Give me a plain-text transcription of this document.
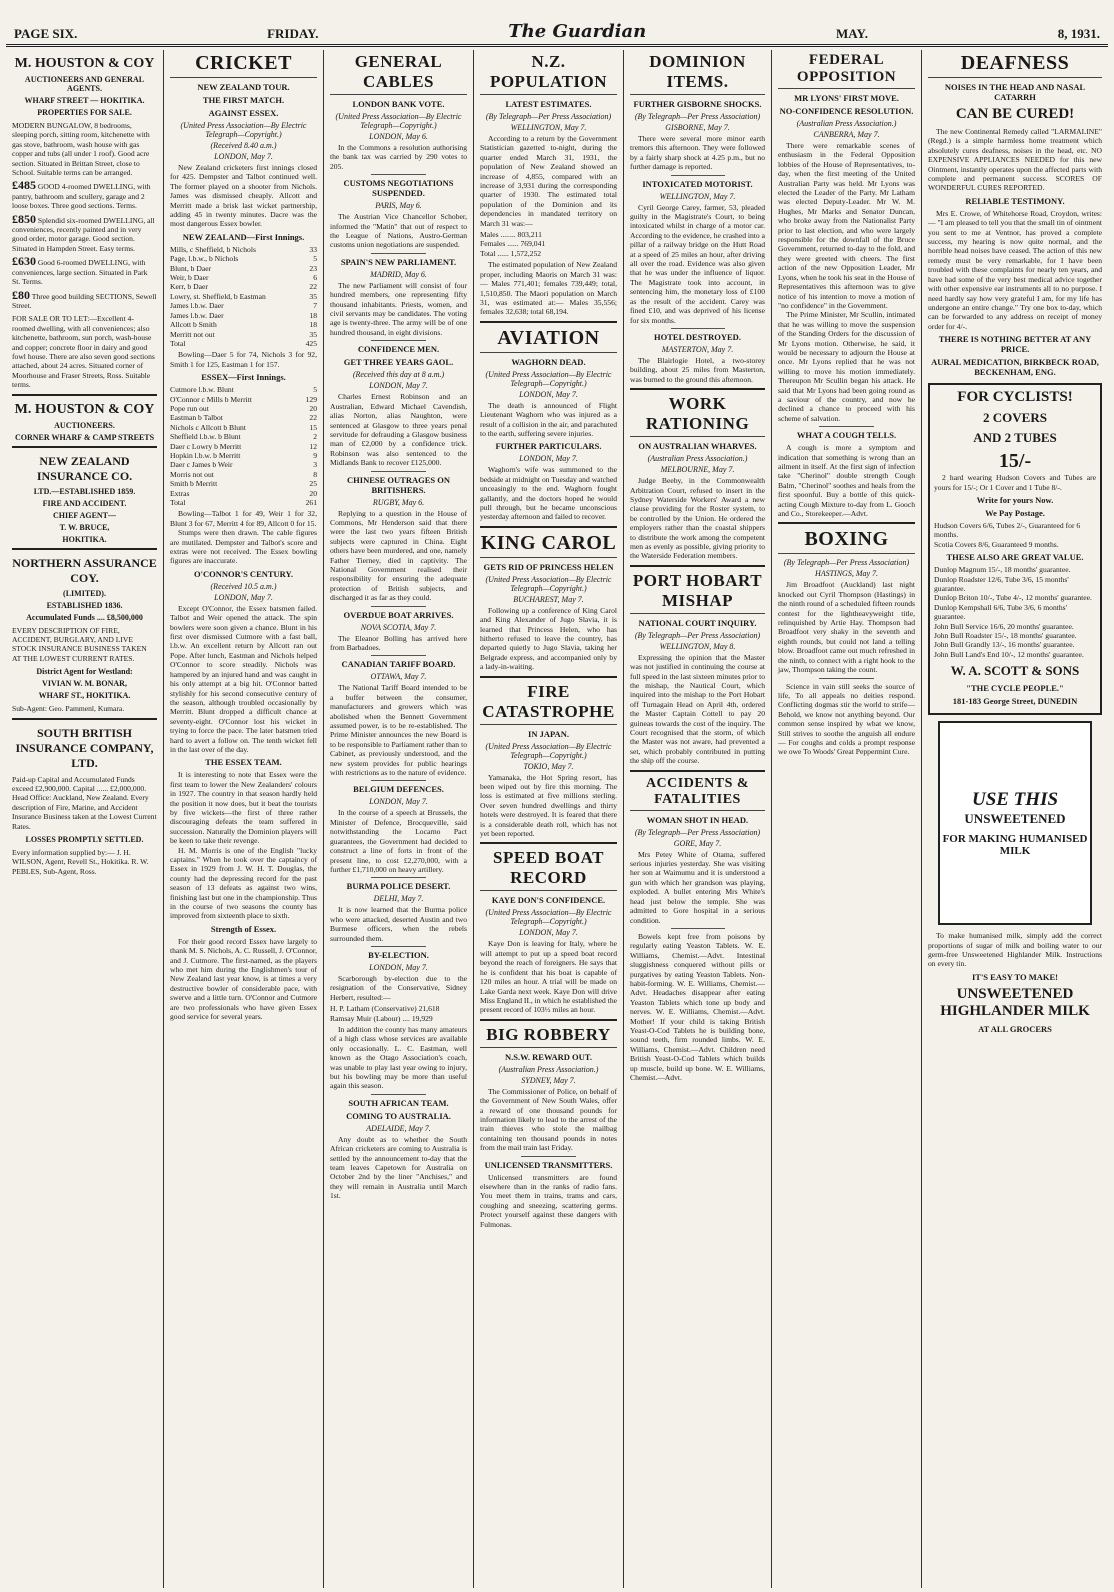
PAGE SIX.	FRIDAY.	The Guardian	MAY.	8, 1931.
M. HOUSTON & COY
AUCTIONEERS AND GENERAL AGENTS.
WHARF STREET — HOKITIKA.
PROPERTIES FOR SALE.
MODERN BUNGALOW, 8 bedrooms, sleeping porch, sitting room, kitchenette with gas stove, bathroom, wash house with gas copper and tubs (all under 1 roof). Good acre section. Situated in Brittan Street, close to School. Suitable terms can be arranged.
£485 GOOD 4-roomed DWELLING, with pantry, bathroom and scullery, garage and 2 loose boxes. Three good sections. Terms.
£850 Splendid six-roomed DWELLING, all conveniences, recently painted and in very good order, motor garage. Good section. Situated in Hampden Street. Easy terms.
£630 Good 6-roomed DWELLING, with conveniences, large section. Situated in Park St. Terms.
£80 Three good building SECTIONS, Sewell Street.
FOR SALE OR TO LET:—Excellent 4-roomed dwelling, with all conveniences; also kitchenette, bathroom, sun porch, wash-house and copper; concrete floor in dairy and good fowl house. There are also seven good sections attached, about 24 acres. Situated corner of Moorhouse and Fraser Streets, Ross. Suitable terms.
M. HOUSTON & COY
AUCTIONEERS.
CORNER WHARF & CAMP STREETS
NEW ZEALAND INSURANCE CO.
LTD.—ESTABLISHED 1859.
FIRE AND ACCIDENT.
CHIEF AGENT—
T. W. BRUCE,
HOKITIKA.
NORTHERN ASSURANCE COY.
(LIMITED).
ESTABLISHED 1836.
Accumulated Funds .... £8,500,000
EVERY DESCRIPTION OF FIRE, ACCIDENT, BURGLARY, AND LIVE STOCK INSURANCE BUSINESS TAKEN AT THE LOWEST CURRENT RATES.
District Agent for Westland:
VIVIAN W. M. BONAR,
WHARF ST., HOKITIKA.
Sub-Agent: Geo. Pammenl, Kumara.
SOUTH BRITISH INSURANCE COMPANY, LTD.
Paid-up Capital and Accumulated Funds exceed £2,900,000. Capital ...... £2,000,000. Head Office: Auckland, New Zealand. Every description of Fire, Marine, and Accident Insurance Business taken at the Lowest Current Rates.
LOSSES PROMPTLY SETTLED.
Every information supplied by:— J. H. WILSON, Agent, Revell St., Hokitika. R. W. PEBLES, Sub-Agent, Ross.
CRICKET
NEW ZEALAND TOUR.
THE FIRST MATCH.
AGAINST ESSEX.
(United Press Association—By Electric Telegraph—Copyright.)
(Received 8.40 a.m.)
LONDON, May 7.

New Zealand cricketers first innings closed for 425. Dempster and Talbot continued well. The former played on a shooter from Nichols. James was dismissed cheaply. Allcott and Merritt made a brisk last wicket partnership, adding 45 in twenty minutes. Dacre was the most dangerous Essex bowler.

NEW ZEALAND—First Innings.
Mills, c Sheffield, b Nichols	33
Page, l.b.w., b Nichols	5
Blunt, b Daer	23
Weir, b Daer	6
Kerr, b Daer	22
Lowry, st. Sheffield, b Eastman	35
James l.b.w. Daer	7
James l.b.w. Daer	18
Allcott b Smith	18
Merritt not out	35
Total	425

Bowling—Daer 5 for 74, Nichols 3 for 92, Smith 1 for 125, Eastman 1 for 157.

ESSEX—First Innings.
Cutmore l.b.w. Blunt	5
O'Connor c Mills b Merritt	129
Pope run out	20
Eastman b Talbot	22
Nichols c Allcott b Blunt	15
Sheffield l.b.w. b Blunt	2
Daer c Lowry b Merritt	12
Hopkin l.b.w. b Merritt	9
Daer c James b Weir	3
Morris not out	8
Smith b Merritt	25
Extras	20
Total	261

Bowling—Talbot 1 for 49, Weir 1 for 32, Blunt 3 for 67, Merritt 4 for 89, Allcott 0 for 15.

Stumps were then drawn. The cable figures are mutilated. Dempster and Talbot's score and extras were not received. The Essex bowling figures are inaccurate.

O'CONNOR'S CENTURY.
(Received 10.5 a.m.)
LONDON, May 7.

Except O'Connor, the Essex batsmen failed. Talbot and Weir opened the attack. The spin bowlers were soon given a chance. Blunt in his first over dismissed Cutmore with a fast ball, l.b.w. An excellent return by Allcott ran out Pope. After lunch, Eastman and Nichols helped O'Connor to score steadily. Nichols was hampered by an injured hand and was caught in his only attempt at a big hit. O'Connor batted stylishly for his second consecutive century of the season, although troubled occasionally by Merritt. Blunt dropped a difficult chance at seventy-eight. O'Connor lost his wicket in trying to force the pace. The later batsmen tried hard to avert a follow on. The tenth wicket fell in the last over of the day.

THE ESSEX TEAM.

It is interesting to note that Essex were the first team to lower the New Zealanders' colours in 1927. The country in that season hardly held the position it now does, but it beat the tourists by five wickets—the first of three rather discouraging defeats the team suffered in succession. Naturally the Dominion players will be keen to take their revenge.

H. M. Morris is one of the English "lucky captains." When he took over the captaincy of Essex in 1929 from J. W. H. T. Douglas, the county had the depressing record for the past season of 13 defeats as against two wins, finishing last but one in the championship. Thus in the course of two seasons the county has improved from sixteenth place to sixth.

Strength of Essex.

For their good record Essex have largely to thank M. S. Nichols, A. C. Russell, J. O'Connor, and J. Cutmore. The first-named, as the players who met him during the Englishmen's tour of New Zealand last year know, is at times a very destructive bowler of considerable pace, with swerve and a little turn. O'Connor and Cutmore are two professionals who have given Essex good service for several years.

GENERAL CABLES
LONDON BANK VOTE.
(United Press Association—By Electric Telegraph—Copyright.)
LONDON, May 6.

In the Commons a resolution authorising the bank tax was carried by 290 votes to 205.

CUSTOMS NEGOTIATIONS SUSPENDED.
PARIS, May 6.

The Austrian Vice Chancellor Schober, informed the "Matin" that out of respect to the League of Nations, Austro-German customs union negotiations are suspended.

SPAIN'S NEW PARLIAMENT.
MADRID, May 6.

The new Parliament will consist of four hundred members, one representing fifty thousand inhabitants. Priests, women, and civil servants may be candidates. The voting age is twenty-three. The army will be of one hundred thousand, in eight divisions.

CONFIDENCE MEN.
GET THREE YEARS GAOL.
(Received this day at 8 a.m.)
LONDON, May 7.

Charles Ernest Robinson and an Australian, Edward Michael Cavendish, alias Norton, alias Naughton, were sentenced at Glasgow to three years penal servitude for defrauding a Glasgow business man of £2,000 by a confidence trick. Robinson was also sentenced to the Midlands Bank to recover £125,000.

CHINESE OUTRAGES ON BRITISHERS.
RUGBY, May 6.

Replying to a question in the House of Commons, Mr Henderson said that there were the last two years fifteen British subjects were captured in China. Eight others have been murdered, and one, namely Father Tierney, died in captivity. The National Government realised their responsibility for ensuring the adequate protection of British subjects, and discharged it as far as they could.

OVERDUE BOAT ARRIVES.
NOVA SCOTIA, May 7.

The Eleanor Bolling has arrived here from Barbadoes.

CANADIAN TARIFF BOARD.
OTTAWA, May 7.

The National Tariff Board intended to be a buffer between the consumer, manufacturers and growers which was abolished when the Bennett Government assumed power, is to be re-established. The Prime Minister announces the new Board is to be responsible to Parliament rather than to Cabinet, as previously understood, and the new system provides for public hearings with restrictions as to the nature of evidence.

BELGIUM DEFENCES.
LONDON, May 7.

In the course of a speech at Brussels, the Minister of Defence, Brocqueville, said notwithstanding the Locarno Pact guarantees, the Government had decided to construct a line of forts in front of the present line, to cost £2,270,000, with a further £1,710,000 on heavy artillery.

BURMA POLICE DESERT.
DELHI, May 7.

It is now learned that the Burma police who were attacked, deserted Austin and two Burmese officers, when the rebels surrounded them.

BY-ELECTION.
LONDON, May 7.

Scarborough by-election due to the resignation of the Conservative, Sidney Herbert, resulted:—

H. P. Latham (Conservative) 21,618
Ramsay Muir (Labour) .... 19,929

In addition the county has many amateurs of a high class whose services are available only occasionally. L. C. Eastman, well known as the Otago Association's coach, was unable to play last year owing to injury, but his bowling may be more than useful again this season.

SOUTH AFRICAN TEAM.
COMING TO AUSTRALIA.
ADELAIDE, May 7.

Any doubt as to whether the South African cricketers are coming to Australia is settled by the announcement to-day that the team leaves Capetown for Australia on October 2nd by the liner "Anchises," and they will remain in Australia until March 1st.

N.Z. POPULATION
LATEST ESTIMATES.
(By Telegraph—Per Press Association)
WELLINGTON, May 7.

According to a return by the Government Statistician gazetted to-night, during the quarter ended March 31, 1931, the population of New Zealand showed an increase of 4,855, compared with an increase of 3,931 during the corresponding quarter of 1930. The estimated total population of the Dominion and its dependencies in mandated territory on March 31 was:—

Males ........ 803,211
Females ...... 769,041
Total ...... 1,572,252

The estimated population of New Zealand proper, including Maoris on March 31 was:— Males 771,401; females 739,449; total, 1,510,850. The Maori population on March 31, was estimated at:— Males 35,556; females 32,638; total 68,194.

AVIATION
WAGHORN DEAD.
(United Press Association—By Electric Telegraph—Copyright.)
LONDON, May 7.

The death is announced of Flight Lieutenant Waghorn who was injured as a result of a collision in the air, and parachuted to the earth, suffering severe injuries.

FURTHER PARTICULARS.
LONDON, May 7.

Waghorn's wife was summoned to the bedside at midnight on Tuesday and watched unceasingly to the end. Waghorn fought gallantly, and the doctors hoped he would pull through, but he became unconscious yesterday afternoon and failed to recover.

KING CAROL
GETS RID OF PRINCESS HELEN
(United Press Association—By Electric Telegraph—Copyright.)
BUCHAREST, May 7.

Following up a conference of King Carol and King Alexander of Jugo Slavia, it is learned that Princess Helen, who has hitherto refused to leave the country, has departed quietly to Jugo Slavia, taking her Belgrade express, and accompanied only by a lady-in-waiting.

FIRE CATASTROPHE
IN JAPAN.
(United Press Association—By Electric Telegraph—Copyright.)
TOKIO, May 7.

Yamanaka, the Hot Spring resort, has been wiped out by fire this morning. The loss is estimated at five millions sterling. Over seven hundred dwellings and thirty hotels were destroyed. It is feared that there is a considerable death roll, which has not yet been reported.

SPEED BOAT RECORD
KAYE DON'S CONFIDENCE.
(United Press Association—By Electric Telegraph—Copyright.)
LONDON, May 7.

Kaye Don is leaving for Italy, where he will attempt to put up a speed boat record beyond the reach of foreigners. He says that he is confident that his boat is capable of 120 miles an hour. A trial will be made on Lake Garda next week. Kaye Don will drive Miss England II., in which he established the present record of 103½ miles an hour.

BIG ROBBERY
N.S.W. REWARD OUT.
(Australian Press Association.)
SYDNEY, May 7.

The Commissioner of Police, on behalf of the Government of New South Wales, offer a reward of one thousand pounds for information likely to lead to the arrest of the train thieves who stole the mailbag containing ten thousand pounds in notes from the mail train last Friday.

UNLICENSED TRANSMITTERS.

Unlicensed transmitters are found elsewhere than in the ranks of radio fans. You meet them in trains, trams and cars, coughing and sneezing, scattering germs. Protect yourself against these dangers with Fulmonas.

DOMINION ITEMS.
FURTHER GISBORNE SHOCKS.
(By Telegraph—Per Press Association)
GISBORNE, May 7.

There were several more minor earth tremors this afternoon. They were followed by a fairly sharp shock at 4.25 p.m., but no further damage is reported.

INTOXICATED MOTORIST.
WELLINGTON, May 7.

Cyril George Carey, farmer, 53, pleaded guilty in the Magistrate's Court, to being intoxicated whilst in charge of a motor car. According to the evidence, he crashed into a pillar of a railway bridge on the Hutt Road at a speed of 25 miles an hour, after driving all over the road. Evidence was also given that he was under the influence of liquor. The Magistrate took into account, in sentencing him, the monetary loss of £100 as the result of the accident. Carey was fined £10, and was deprived of his license for six months.

HOTEL DESTROYED.
MASTERTON, May 7.

The Blairlogie Hotel, a two-storey building, about 25 miles from Masterton, was burned to the ground this afternoon.

WORK RATIONING
ON AUSTRALIAN WHARVES.
(Australian Press Association.)
MELBOURNE, May 7.

Judge Beeby, in the Commonwealth Arbitration Court, refused to insert in the Sydney Waterside Workers' Award a new clause providing for the Roster system, to be controlled by the Union. He ordered the employers rather than the coastal shippers to distribute the work among the competent men as evenly as possible, giving priority to the Waterside Federation members.

PORT HOBART MISHAP
NATIONAL COURT INQUIRY.
(By Telegraph—Per Press Association)
WELLINGTON, May 8.

Expressing the opinion that the Master was not justified in continuing the course at full speed in the last sixteen minutes prior to the mishap, the Nautical Court, which inquired into the mishap to the Port Hobart off Turnagain Head on April 4th, ordered the Master Captain Cottell to pay 20 guineas towards the cost of the inquiry. The Court recognised that the storm, of which the Master was not aware, had prevented a set, which probably contributed in putting the ship off the course.

ACCIDENTS & FATALITIES
WOMAN SHOT IN HEAD.
(By Telegraph—Per Press Association)
GORE, May 7.

Mrs Petey White of Otama, suffered serious injuries yesterday. She was visiting her son at Waimumu and it is understood a gun with which her grandson was playing, exploded. A bullet entering Mrs White's head just below the temple. She was admitted to Gore hospital in a serious condition.

Bowels kept free from poisons by regularly eating Yeaston Tablets. W. E. Williams, Chemist.—Advt. Intestinal sluggishness conquered without pills or purgatives by eating Yeaston Tablets. Non-habit-forming. W. E. Williams, Chemist.—Advt. Headaches disappear after eating Yeaston Tablets which tone up body and nerves. W. E. Williams, Chemist.—Advt. Mother! If your child is taking British Yeast-O-Cod Tablets he is building bone, sound teeth, firm rounded limbs. W. E. Williams, Chemist.—Advt. Children need British Yeast-O-Cod Tablets which builds up muscle, build up bone. W. E. Williams, Chemist.—Advt.

FEDERAL OPPOSITION
MR LYONS' FIRST MOVE.
NO-CONFIDENCE RESOLUTION.
(Australian Press Association.)
CANBERRA, May 7.

There were remarkable scenes of enthusiasm in the Federal Opposition lobbies of the House of Representatives, to-day, when the first meeting of the United Australian Party was held. Mr Lyons was elected the Leader of the Party. Mr Latham was elected Deputy-Leader. Mr W. M. Hughes, Mr Marks and Senator Duncan, who broke away from the Nationalist Party prior to last election, and who were largely responsible for the downfall of the Bruce Government, returned to-day to the fold, and they were greeted with cheers. The first action of the new Opposition Leader, Mr Lyons, when he took his seat in the House of Representatives this afternoon was to give notice of his intention to move a motion of "no confidence" in the Government.

The Prime Minister, Mr Scullin, intimated that he was willing to move the suspension of the Standing Orders for the discussion of Mr Lyons motion. Otherwise, he said, it would be necessary to adjourn the House at once. Mr Lyons replied that he was not willing to move his motion immediately. Thereupon Mr Scullin began his attack. He said that Mr Lyons had been going round as a saviour of the country, and now he declined a chance to proceed with his scheme of salvation.

WHAT A COUGH TELLS.

A cough is more a symptom and indication that something is wrong than an ailment in itself. At the first sign of infection take "Cherinol" double strength Cough Balm, "Cherinol" soothes and heals from the first spoonful. Buy a bottle of this quick-acting Cough Mixture to-day from L. Gooch and Co., Storekeeper.—Advt.

BOXING
(By Telegraph—Per Press Association)
HASTINGS, May 7.

Jim Broadfoot (Auckland) last night knocked out Cyril Thompson (Hastings) in the ninth round of a scheduled fifteen rounds contest for the lightheavyweight title, relinquished by Artie Hay. Thompson had Broadfoot very shaky in the seventh and eighth rounds, but could not land a telling blow. Broadfoot came out much refreshed in the ninth, to connect with a right hook to the jaw, Thompson taking the count.

Science in vain still seeks the source of life, To all appeals no deities respond. Conflicting dogmas stir the world to strife— Behold, we know not anything beyond. Our common sense inspired by what we know, Still strives to soothe the anguish all endure— For coughs and colds a prompt response we owe To Woods' Great Peppermint Cure.

DEAFNESS
NOISES IN THE HEAD AND NASAL CATARRH
CAN BE CURED!

The new Continental Remedy called "LARMALINE" (Regd.) is a simple harmless home treatment which absolutely cures deafness, noises in the head, etc. NO EXPENSIVE APPLIANCES NEEDED for this new Ointment, instantly operates upon the affected parts with complete and permanent success. SCORES OF WONDERFUL CURES REPORTED.

RELIABLE TESTIMONY.

Mrs E. Crowe, of Whitehorse Road, Croydon, writes:— "I am pleased to tell you that the small tin of ointment you sent to me at Ventnor, has proved a complete success, my hearing is now quite normal, and the horrible head noises have ceased. The action of this new remedy must be very remarkable, for I have been troubled with these complaints for nearly ten years, and have had some of the very best medical advice together with other expensive ear instruments all to no purpose. I need hardly say how very grateful I am, for my life has undergone an entire change." Try one box to-day, which can be forwarded to any address on receipt of money order for 4/-.

THERE IS NOTHING BETTER AT ANY PRICE.
AURAL MEDICATION, BIRKBECK ROAD, BECKENHAM, ENG.
FOR CYCLISTS!
2 COVERS
AND 2 TUBES
15/-

2 hard wearing Hudson Covers and Tubes are yours for 15/-; Or 1 Cover and 1 Tube 8/-.

Write for yours Now.
We Pay Postage.
Hudson Covers 6/6, Tubes 2/-, Guaranteed for 6 months.
Scotia Covers 8/6, Guaranteed 9 months.
THESE ALSO ARE GREAT VALUE.
Dunlop Magnum 15/-, 18 months' guarantee.
Dunlop Roadster 12/6, Tube 3/6, 15 months' guarantee.
Dunlop Briton 10/-, Tube 4/-, 12 months' guarantee.
Dunlop Kempshall 6/6, Tube 3/6, 6 months' guarantee.
John Bull Service 16/6, 20 months' guarantee.
John Bull Roadster 15/-, 18 months' guarantee.
John Bull Grandly 13/-, 16 months' guarantee.
John Bull Land's End 10/-, 12 months' guarantee.
W. A. SCOTT & SONS
"THE CYCLE PEOPLE."
181-183 George Street, DUNEDIN
USE THIS
UNSWEETENED
FOR MAKING HUMANISED MILK

To make humanised milk, simply add the correct proportions of sugar of milk and boiling water to our germ-free Unsweetened Highlander Milk. Instructions on every tin.

IT'S EASY TO MAKE!
UNSWEETENED HIGHLANDER MILK
AT ALL GROCERS
